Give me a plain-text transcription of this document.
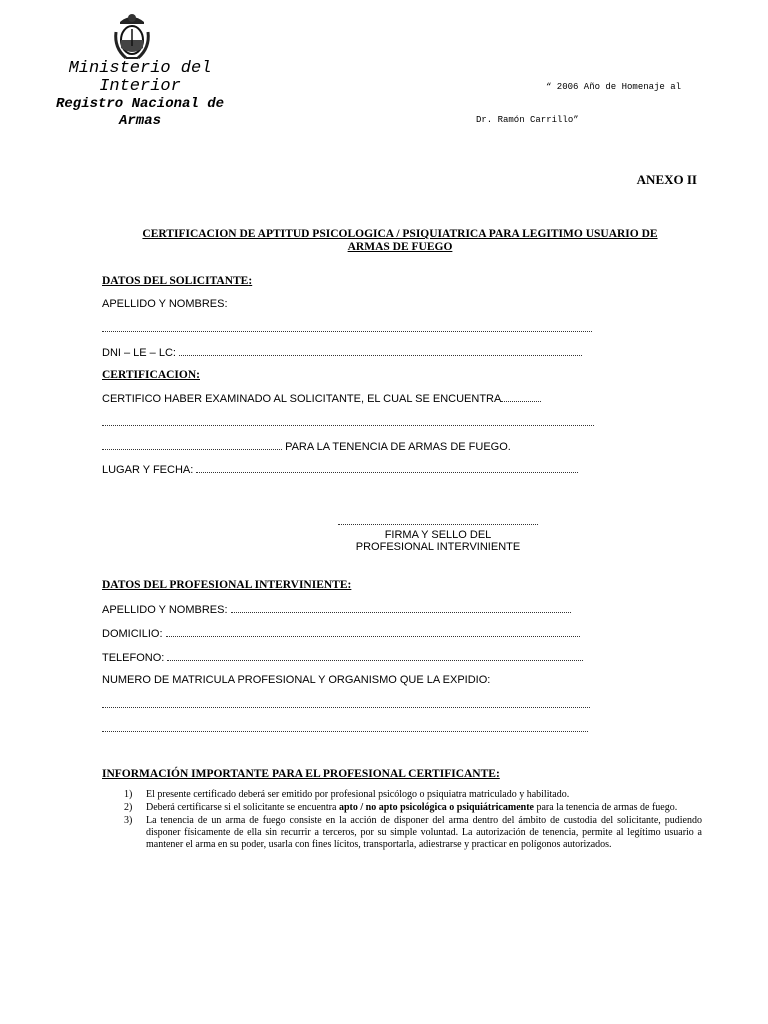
Ministerio del
Interior
Registro Nacional de
Armas

“ 2006 Año de Homenaje al

Dr. Ramón Carrillo”

ANEXO II
CERTIFICACION DE APTITUD PSICOLOGICA / PSIQUIATRICA PARA LEGITIMO USUARIO DE
ARMAS DE FUEGO
DATOS DEL SOLICITANTE:
APELLIDO Y NOMBRES:
DNI – LE – LC:
CERTIFICACION:
CERTIFICO HABER EXAMINADO AL SOLICITANTE, EL CUAL SE ENCUENTRA
PARA LA TENENCIA DE ARMAS DE FUEGO.
LUGAR Y FECHA:
FIRMA Y SELLO DEL
PROFESIONAL INTERVINIENTE
DATOS DEL PROFESIONAL INTERVINIENTE:
APELLIDO Y NOMBRES:
DOMICILIO:
TELEFONO:
NUMERO DE MATRICULA PROFESIONAL Y ORGANISMO QUE LA EXPIDIO:
INFORMACIÓN IMPORTANTE PARA EL PROFESIONAL CERTIFICANTE:
1) El presente certificado deberá ser emitido por profesional psicólogo o psiquiatra matriculado y habilitado.
2) Deberá certificarse si el solicitante se encuentra apto / no apto psicológica o psiquiátricamente para la tenencia de armas de fuego.
3) La tenencia de un arma de fuego consiste en la acción de disponer del arma dentro del ámbito de custodia del solicitante, pudiendo disponer físicamente de ella sin recurrir a terceros, por su simple voluntad. La autorización de tenencia, permite al legítimo usuario a mantener el arma en su poder, usarla con fines lícitos, transportarla, adiestrarse y practicar en polígonos autorizados.
